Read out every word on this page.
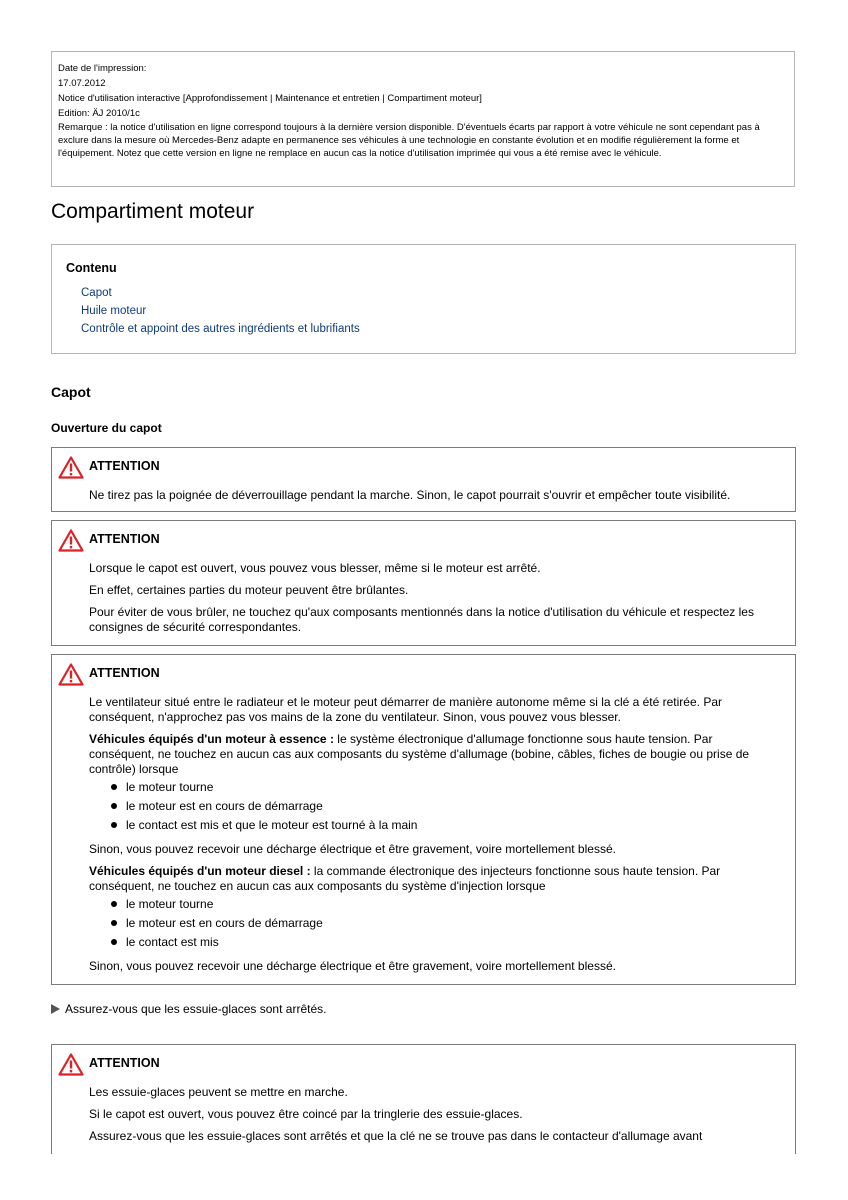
Date de l'impression:
17.07.2012
Notice d'utilisation interactive [Approfondissement | Maintenance et entretien | Compartiment moteur]
Edition: ÄJ 2010/1c
Remarque : la notice d'utilisation en ligne correspond toujours à la dernière version disponible. D'éventuels écarts par rapport à votre véhicule ne sont cependant pas à exclure dans la mesure où Mercedes-Benz adapte en permanence ses véhicules à une technologie en constante évolution et en modifie régulièrement la forme et l'équipement. Notez que cette version en ligne ne remplace en aucun cas la notice d'utilisation imprimée qui vous a été remise avec le véhicule.
Compartiment moteur
Contenu
Capot
Huile moteur
Contrôle et appoint des autres ingrédients et lubrifiants
Capot
Ouverture du capot
ATTENTION

Ne tirez pas la poignée de déverrouillage pendant la marche. Sinon, le capot pourrait s'ouvrir et empêcher toute visibilité.

ATTENTION

Lorsque le capot est ouvert, vous pouvez vous blesser, même si le moteur est arrêté.

En effet, certaines parties du moteur peuvent être brûlantes.

Pour éviter de vous brûler, ne touchez qu'aux composants mentionnés dans la notice d'utilisation du véhicule et respectez les consignes de sécurité correspondantes.

ATTENTION

Le ventilateur situé entre le radiateur et le moteur peut démarrer de manière autonome même si la clé a été retirée. Par conséquent, n'approchez pas vos mains de la zone du ventilateur. Sinon, vous pouvez vous blesser.

Véhicules équipés d'un moteur à essence : le système électronique d'allumage fonctionne sous haute tension. Par conséquent, ne touchez en aucun cas aux composants du système d'allumage (bobine, câbles, fiches de bougie ou prise de contrôle) lorsque

le moteur tourne
le moteur est en cours de démarrage
le contact est mis et que le moteur est tourné à la main

Sinon, vous pouvez recevoir une décharge électrique et être gravement, voire mortellement blessé.

Véhicules équipés d'un moteur diesel : la commande électronique des injecteurs fonctionne sous haute tension. Par conséquent, ne touchez en aucun cas aux composants du système d'injection lorsque

le moteur tourne
le moteur est en cours de démarrage
le contact est mis

Sinon, vous pouvez recevoir une décharge électrique et être gravement, voire mortellement blessé.

Assurez-vous que les essuie-glaces sont arrêtés.
ATTENTION

Les essuie-glaces peuvent se mettre en marche.

Si le capot est ouvert, vous pouvez être coincé par la tringlerie des essuie-glaces.

Assurez-vous que les essuie-glaces sont arrêtés et que la clé ne se trouve pas dans le contacteur d'allumage avant
